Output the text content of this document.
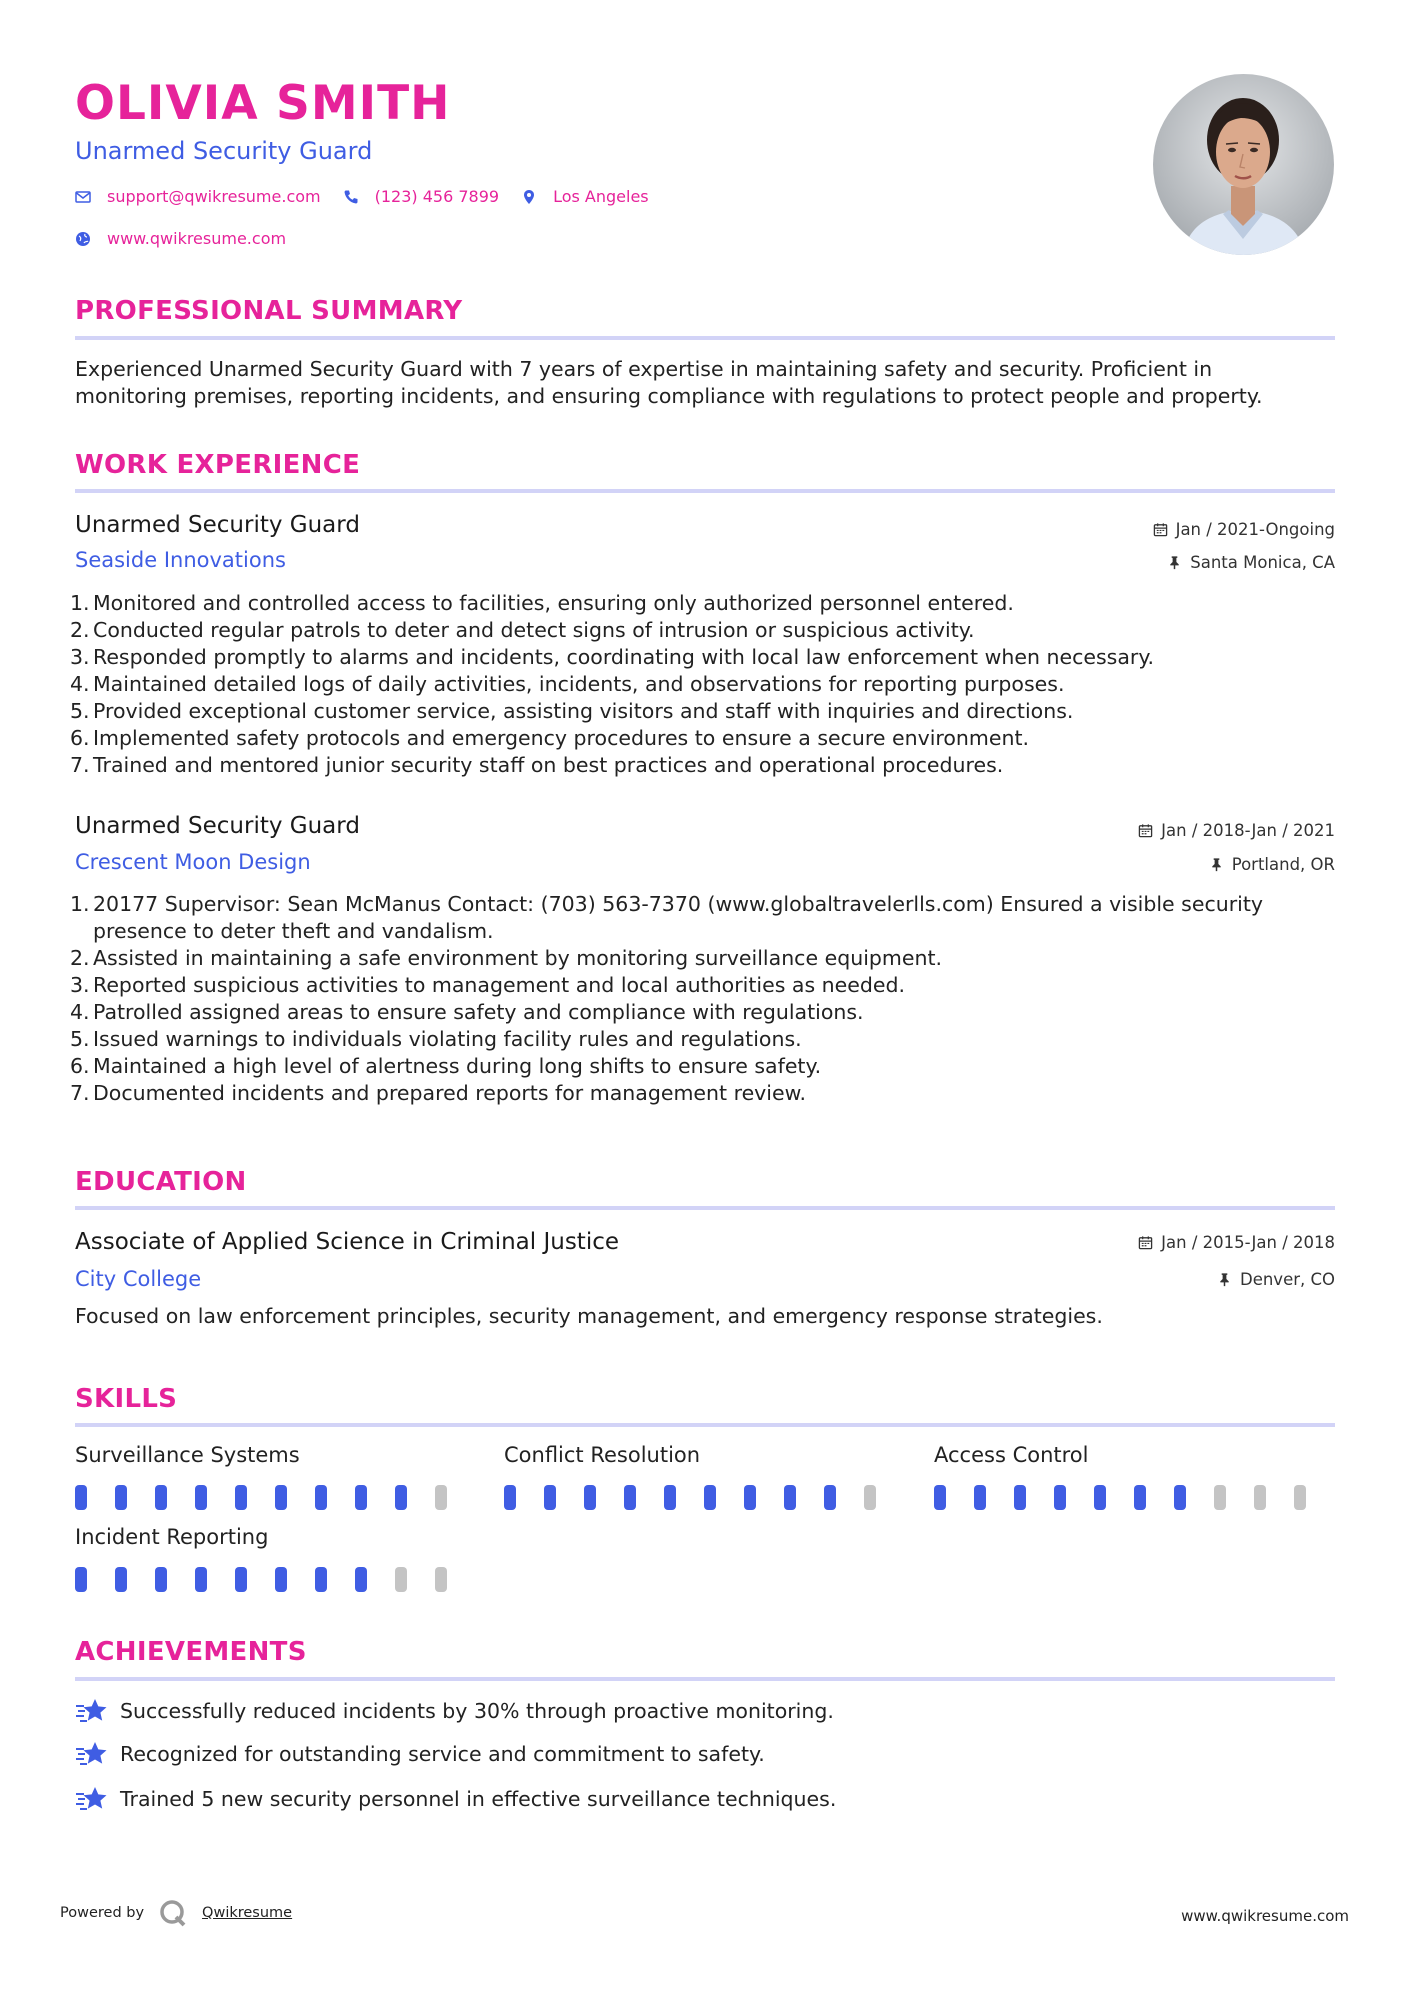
OLIVIA SMITH
Unarmed Security Guard
support@qwikresume.com	(123) 456 7899	Los Angeles
www.qwikresume.com
PROFESSIONAL SUMMARY
Experienced Unarmed Security Guard with 7 years of expertise in maintaining safety and security. Proficient in monitoring premises, reporting incidents, and ensuring compliance with regulations to protect people and property.
WORK EXPERIENCE
Unarmed Security Guard	Jan / 2021-Ongoing
Seaside Innovations	Santa Monica, CA
1. Monitored and controlled access to facilities, ensuring only authorized personnel entered.
2. Conducted regular patrols to deter and detect signs of intrusion or suspicious activity.
3. Responded promptly to alarms and incidents, coordinating with local law enforcement when necessary.
4. Maintained detailed logs of daily activities, incidents, and observations for reporting purposes.
5. Provided exceptional customer service, assisting visitors and staff with inquiries and directions.
6. Implemented safety protocols and emergency procedures to ensure a secure environment.
7. Trained and mentored junior security staff on best practices and operational procedures.
Unarmed Security Guard	Jan / 2018-Jan / 2021
Crescent Moon Design	Portland, OR
1. 20177 Supervisor: Sean McManus Contact: (703) 563-7370 (www.globaltravelerlls.com) Ensured a visible security presence to deter theft and vandalism.
2. Assisted in maintaining a safe environment by monitoring surveillance equipment.
3. Reported suspicious activities to management and local authorities as needed.
4. Patrolled assigned areas to ensure safety and compliance with regulations.
5. Issued warnings to individuals violating facility rules and regulations.
6. Maintained a high level of alertness during long shifts to ensure safety.
7. Documented incidents and prepared reports for management review.
EDUCATION
Associate of Applied Science in Criminal Justice	Jan / 2015-Jan / 2018
City College	Denver, CO
Focused on law enforcement principles, security management, and emergency response strategies.
SKILLS
Surveillance Systems	Conflict Resolution	Access Control
Incident Reporting
ACHIEVEMENTS
Successfully reduced incidents by 30% through proactive monitoring.
Recognized for outstanding service and commitment to safety.
Trained 5 new security personnel in effective surveillance techniques.
Powered by	Qwikresume	www.qwikresume.com
